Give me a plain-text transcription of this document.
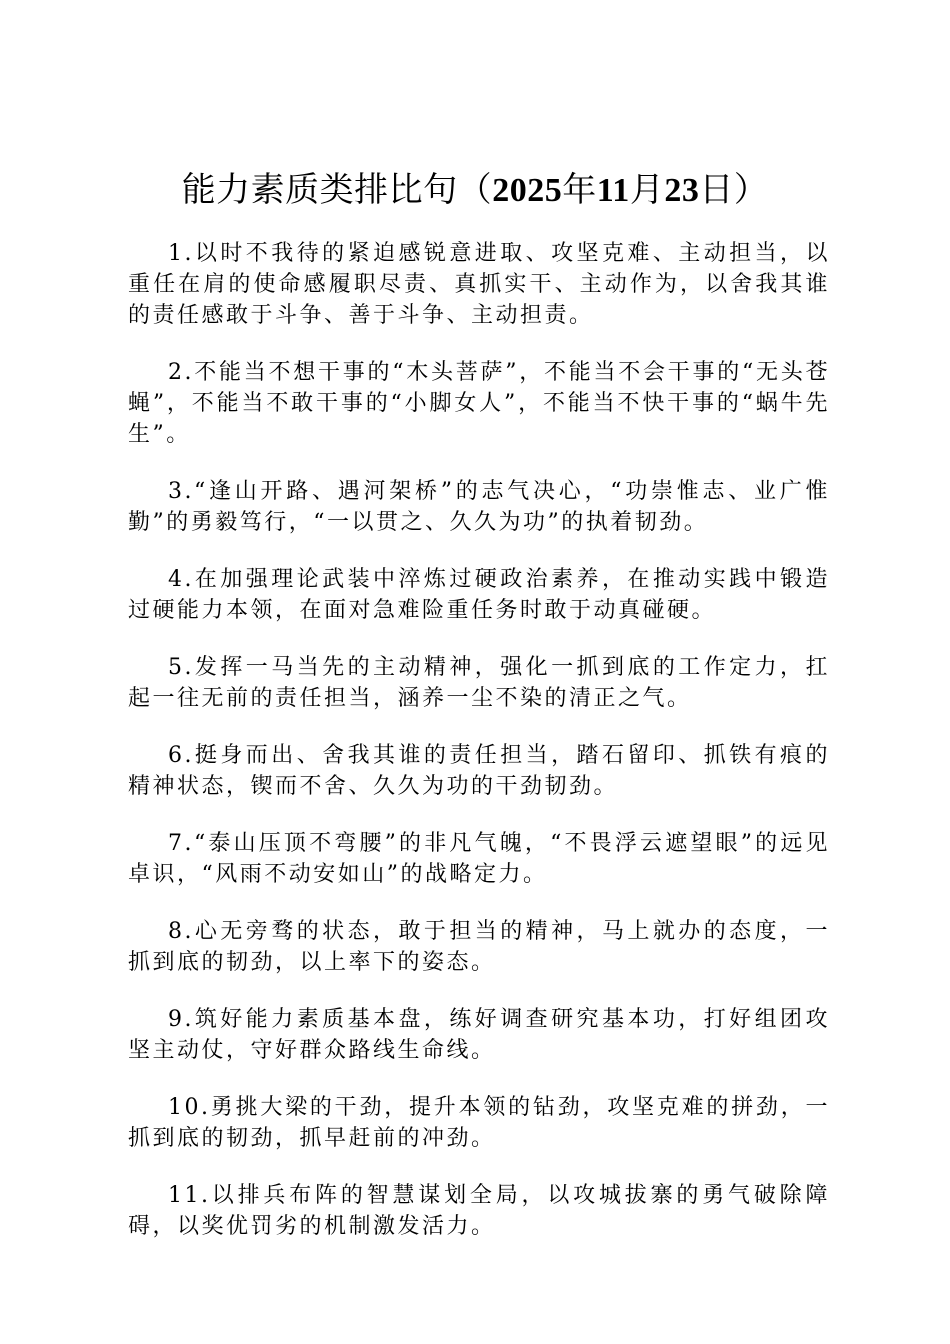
能力素质类排比句（2025年11月23日）

1.以时不我待的紧迫感锐意进取、攻坚克难、主动担当，以重任在肩的使命感履职尽责、真抓实干、主动作为，以舍我其谁的责任感敢于斗争、善于斗争、主动担责。

2.不能当不想干事的“木头菩萨”，不能当不会干事的“无头苍蝇”，不能当不敢干事的“小脚女人”，不能当不快干事的“蜗牛先生”。

3.“逢山开路、遇河架桥”的志气决心，“功崇惟志、业广惟勤”的勇毅笃行，“一以贯之、久久为功”的执着韧劲。

4.在加强理论武装中淬炼过硬政治素养，在推动实践中锻造过硬能力本领，在面对急难险重任务时敢于动真碰硬。

5.发挥一马当先的主动精神，强化一抓到底的工作定力，扛起一往无前的责任担当，涵养一尘不染的清正之气。

6.挺身而出、舍我其谁的责任担当，踏石留印、抓铁有痕的精神状态，锲而不舍、久久为功的干劲韧劲。

7.“泰山压顶不弯腰”的非凡气魄，“不畏浮云遮望眼”的远见卓识，“风雨不动安如山”的战略定力。

8.心无旁骛的状态，敢于担当的精神，马上就办的态度，一抓到底的韧劲，以上率下的姿态。

9.筑好能力素质基本盘，练好调查研究基本功，打好组团攻坚主动仗，守好群众路线生命线。

10.勇挑大梁的干劲，提升本领的钻劲，攻坚克难的拼劲，一抓到底的韧劲，抓早赶前的冲劲。

11.以排兵布阵的智慧谋划全局，以攻城拔寨的勇气破除障碍，以奖优罚劣的机制激发活力。
